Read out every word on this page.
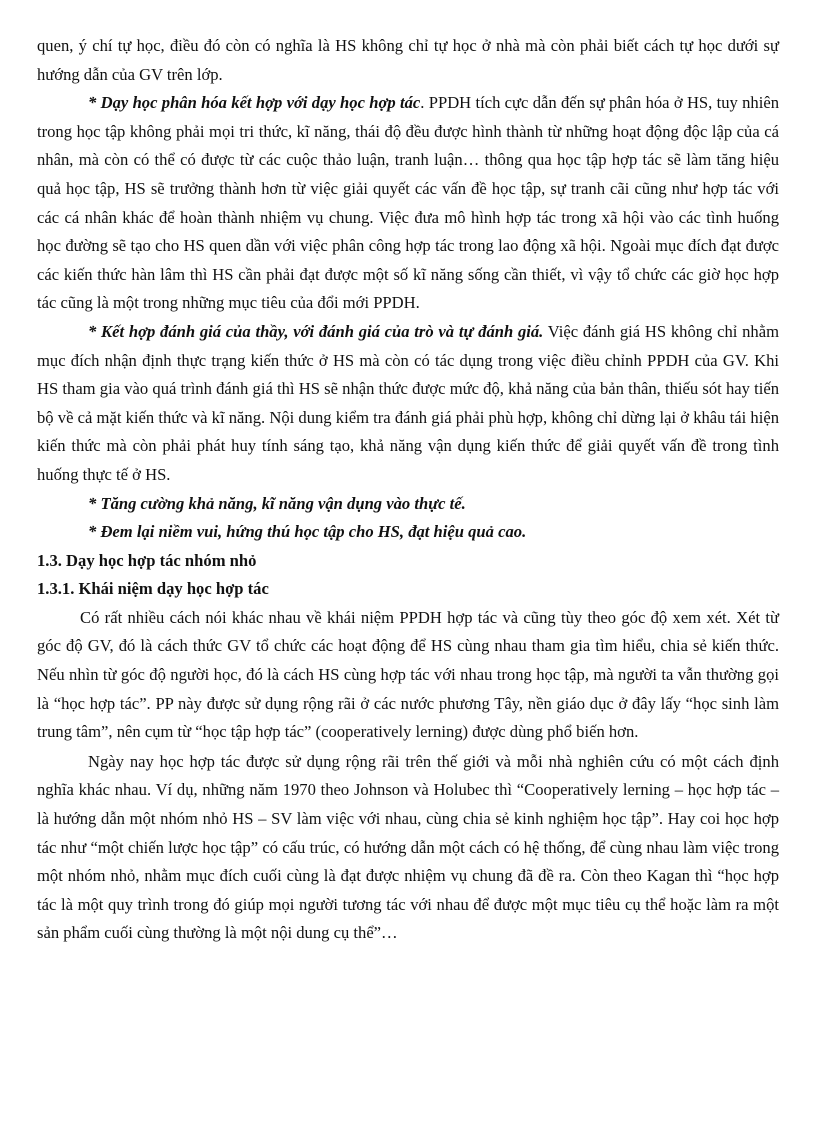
quen, ý chí tự học, điều đó còn có nghĩa là HS không chỉ tự học ở nhà mà còn phải biết cách tự học dưới sự hướng dẫn của GV trên lớp.

* Dạy học phân hóa kết hợp với dạy học hợp tác. PPDH tích cực dẫn đến sự phân hóa ở HS, tuy nhiên trong học tập không phải mọi tri thức, kĩ năng, thái độ đều được hình thành từ những hoạt động độc lập của cá nhân, mà còn có thể có được từ các cuộc thảo luận, tranh luận… thông qua học tập hợp tác sẽ làm tăng hiệu quả học tập, HS sẽ trưởng thành hơn từ việc giải quyết các vấn đề học tập, sự tranh cãi cũng như hợp tác với các cá nhân khác để hoàn thành nhiệm vụ chung. Việc đưa mô hình hợp tác trong xã hội vào các tình huống học đường sẽ tạo cho HS quen dần với việc phân công hợp tác trong lao động xã hội. Ngoài mục đích đạt được các kiến thức hàn lâm thì HS cần phải đạt được một số kĩ năng sống cần thiết, vì vậy tổ chức các giờ học hợp tác cũng là một trong những mục tiêu của đổi mới PPDH.

* Kết hợp đánh giá của thầy, với đánh giá của trò và tự đánh giá. Việc đánh giá HS không chỉ nhằm mục đích nhận định thực trạng kiến thức ở HS mà còn có tác dụng trong việc điều chỉnh PPDH của GV. Khi HS tham gia vào quá trình đánh giá thì HS sẽ nhận thức được mức độ, khả năng của bản thân, thiếu sót hay tiến bộ về cả mặt kiến thức và kĩ năng. Nội dung kiểm tra đánh giá phải phù hợp, không chỉ dừng lại ở khâu tái hiện kiến thức mà còn phải phát huy tính sáng tạo, khả năng vận dụng kiến thức để giải quyết vấn đề trong tình huống thực tế ở HS.

* Tăng cường khả năng, kĩ năng vận dụng vào thực tế.

* Đem lại niềm vui, hứng thú học tập cho HS, đạt hiệu quả cao.

1.3. Dạy học hợp tác nhóm nhỏ
1.3.1. Khái niệm dạy học hợp tác

Có rất nhiều cách nói khác nhau về khái niệm PPDH hợp tác và cũng tùy theo góc độ xem xét. Xét từ góc độ GV, đó là cách thức GV tổ chức các hoạt động để HS cùng nhau tham gia tìm hiểu, chia sẻ kiến thức. Nếu nhìn từ góc độ người học, đó là cách HS cùng hợp tác với nhau trong học tập, mà người ta vẫn thường gọi là “học hợp tác”. PP này được sử dụng rộng rãi ở các nước phương Tây, nền giáo dục ở đây lấy “học sinh làm trung tâm”, nên cụm từ “học tập hợp tác” (cooperatively lerning) được dùng phổ biến hơn.

Ngày nay học hợp tác được sử dụng rộng rãi trên thế giới và mỗi nhà nghiên cứu có một cách định nghĩa khác nhau. Ví dụ, những năm 1970 theo Johnson và Holubec thì “Cooperatively lerning – học hợp tác – là hướng dẫn một nhóm nhỏ HS – SV làm việc với nhau, cùng chia sẻ kinh nghiệm học tập”. Hay coi học hợp tác như “một chiến lược học tập” có cấu trúc, có hướng dẫn một cách có hệ thống, để cùng nhau làm việc trong một nhóm nhỏ, nhằm mục đích cuối cùng là đạt được nhiệm vụ chung đã đề ra. Còn theo Kagan thì “học hợp tác là một quy trình trong đó giúp mọi người tương tác với nhau để được một mục tiêu cụ thể hoặc làm ra một sản phẩm cuối cùng thường là một nội dung cụ thể”…
